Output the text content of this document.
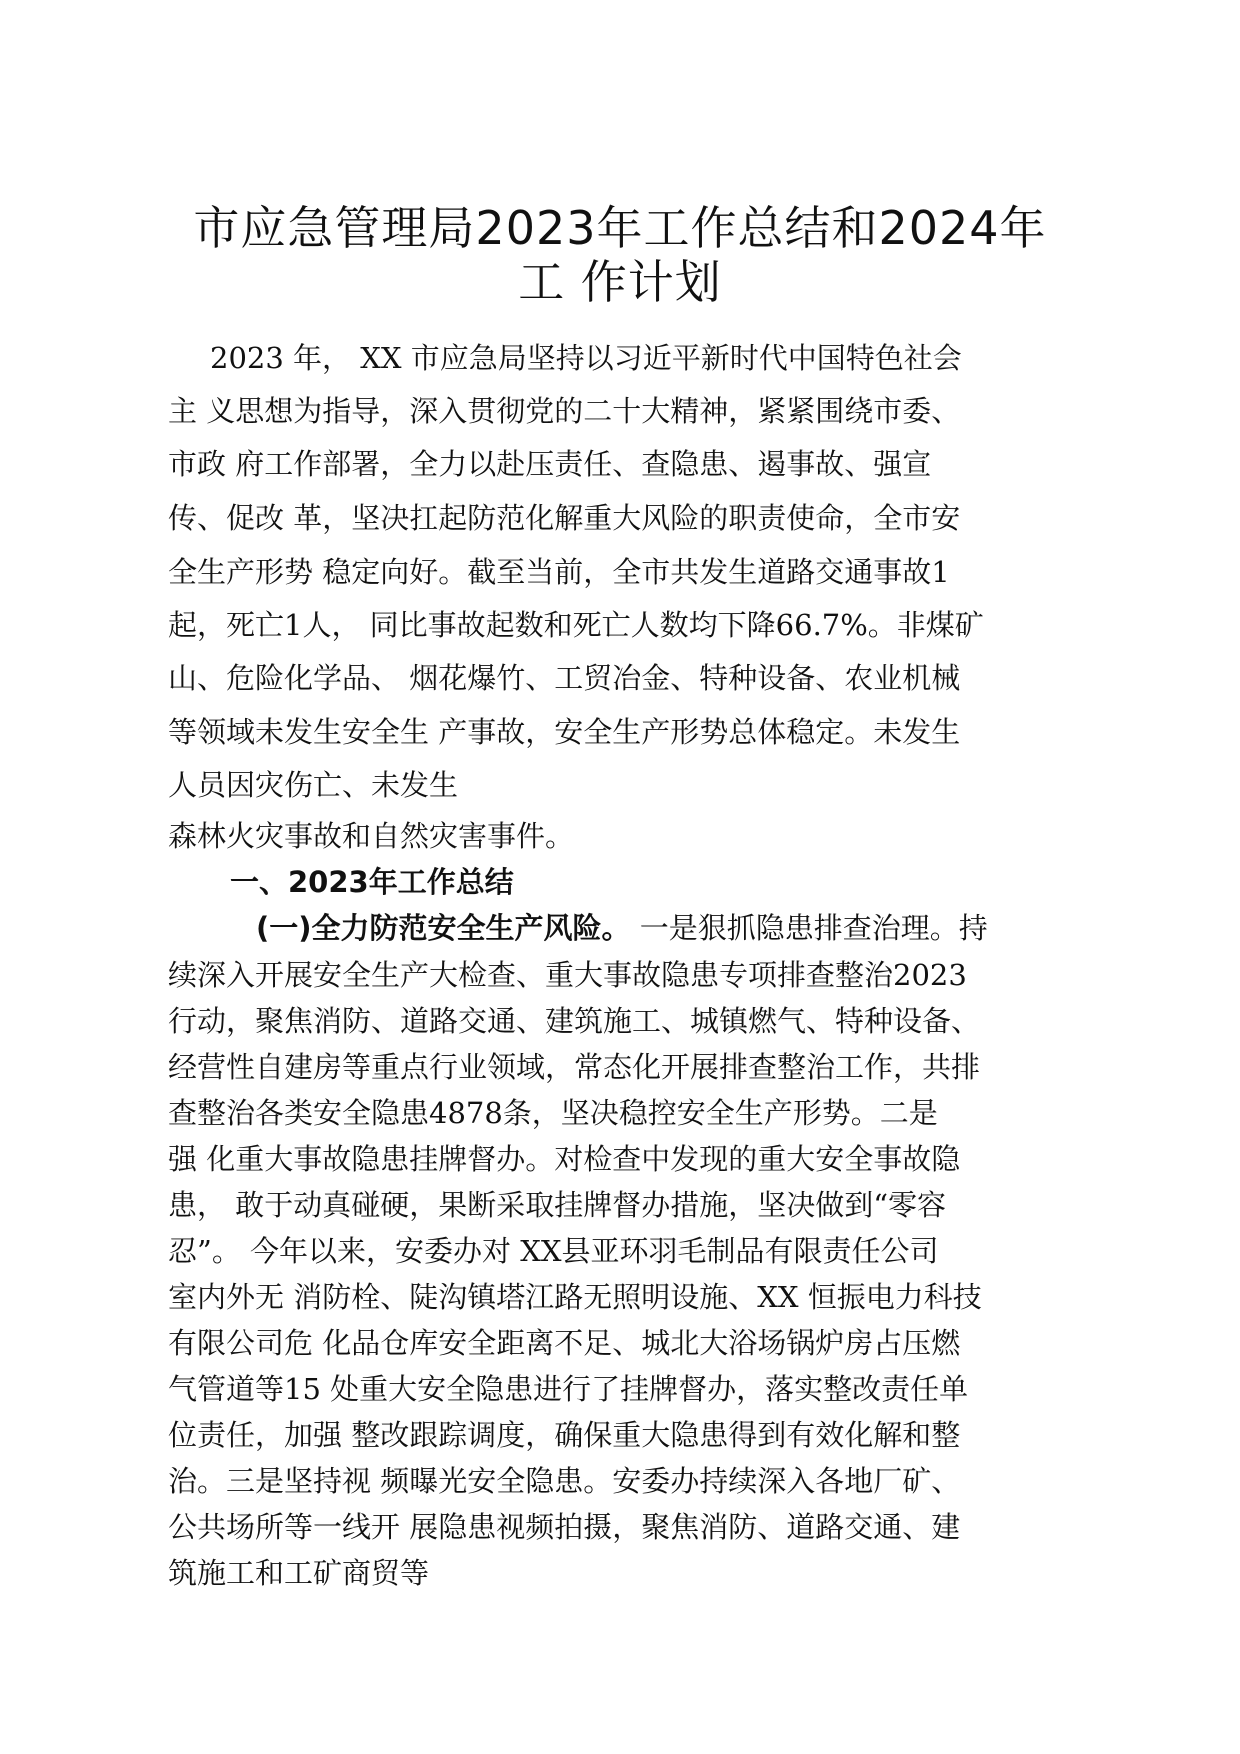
市应急管理局2023年工作总结和2024年
工 作计划

2023 年， XX 市应急局坚持以习近平新时代中国特色社会

主 义思想为指导，深入贯彻党的二十大精神，紧紧围绕市委、

市政 府工作部署，全力以赴压责任、查隐患、遏事故、强宣

传、促改 革，坚决扛起防范化解重大风险的职责使命，全市安

全生产形势 稳定向好。截至当前，全市共发生道路交通事故1

起，死亡1人， 同比事故起数和死亡人数均下降66.7%。非煤矿

山、危险化学品、 烟花爆竹、工贸冶金、特种设备、农业机械

等领域未发生安全生 产事故，安全生产形势总体稳定。未发生

人员因灾伤亡、未发生

森林火灾事故和自然灾害事件。

一、2023年工作总结

(一)全力防范安全生产风险。 一是狠抓隐患排查治理。持

续深入开展安全生产大检查、重大事故隐患专项排查整治2023

行动，聚焦消防、道路交通、建筑施工、城镇燃气、特种设备、

经营性自建房等重点行业领域，常态化开展排查整治工作，共排

查整治各类安全隐患4878条，坚决稳控安全生产形势。二是

强 化重大事故隐患挂牌督办。对检查中发现的重大安全事故隐

患， 敢于动真碰硬，果断采取挂牌督办措施，坚决做到“零容

忍”。 今年以来，安委办对 XX县亚环羽毛制品有限责任公司

室内外无 消防栓、陡沟镇塔江路无照明设施、XX 恒振电力科技

有限公司危 化品仓库安全距离不足、城北大浴场锅炉房占压燃

气管道等15 处重大安全隐患进行了挂牌督办，落实整改责任单

位责任，加强 整改跟踪调度，确保重大隐患得到有效化解和整

治。三是坚持视 频曝光安全隐患。安委办持续深入各地厂矿、

公共场所等一线开 展隐患视频拍摄，聚焦消防、道路交通、建

筑施工和工矿商贸等
